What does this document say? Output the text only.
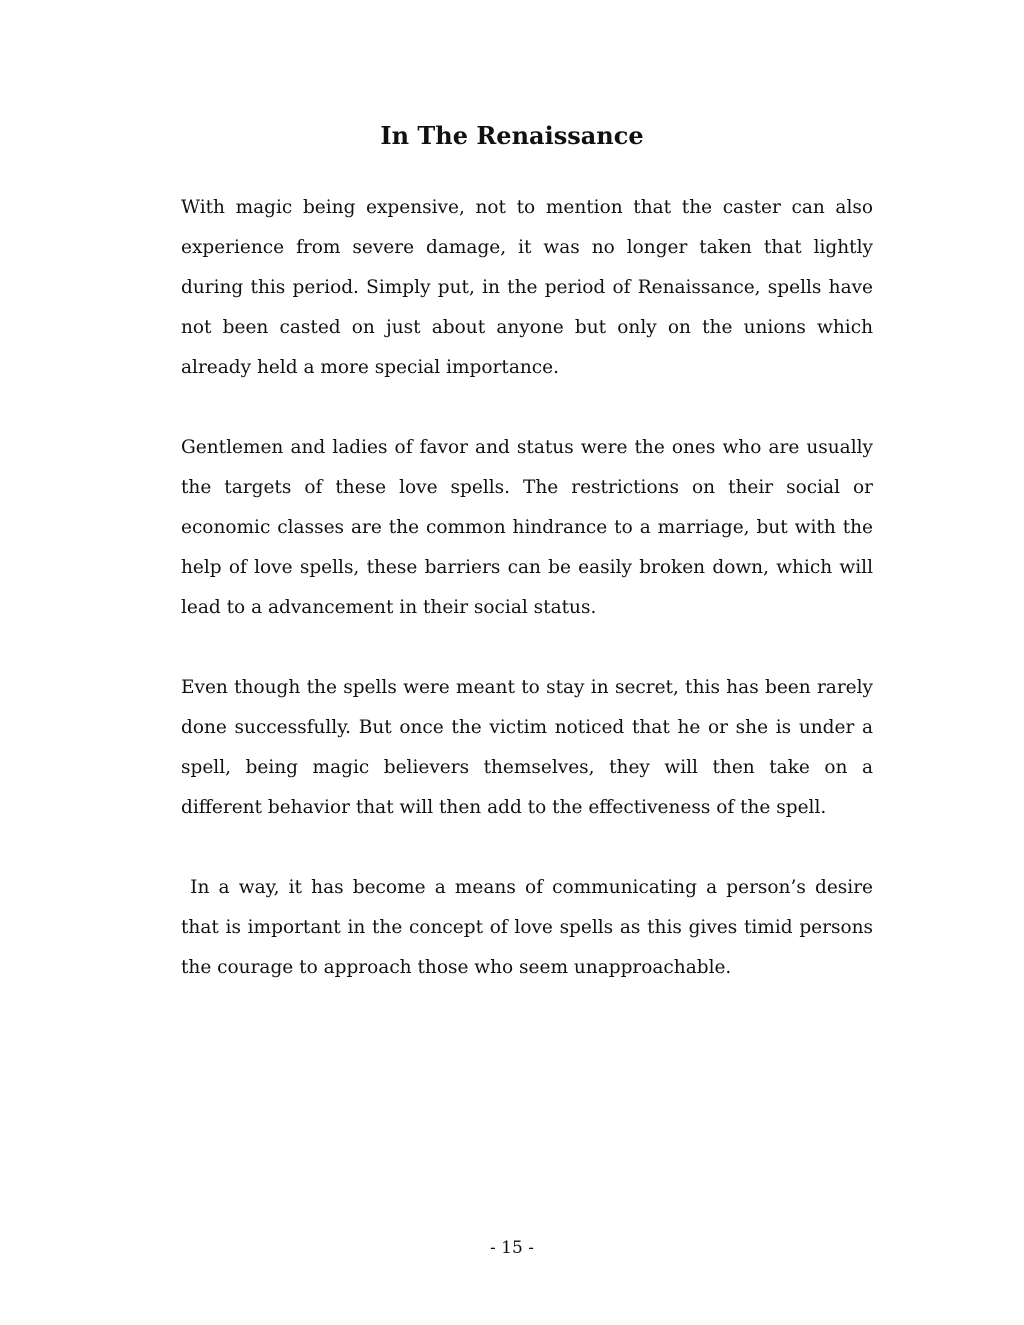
In The Renaissance

With magic being expensive, not to mention that the caster can also experience from severe damage, it was no longer taken that lightly during this period. Simply put, in the period of Renaissance, spells have not been casted on just about anyone but only on the unions which already held a more special importance.

Gentlemen and ladies of favor and status were the ones who are usually the targets of these love spells. The restrictions on their social or economic classes are the common hindrance to a marriage, but with the help of love spells, these barriers can be easily broken down, which will lead to a advancement in their social status.

Even though the spells were meant to stay in secret, this has been rarely done successfully. But once the victim noticed that he or she is under a spell, being magic believers themselves, they will then take on a different behavior that will then add to the effectiveness of the spell.

In a way, it has become a means of communicating a person’s desire that is important in the concept of love spells as this gives timid persons the courage to approach those who seem unapproachable.

- 15 -
